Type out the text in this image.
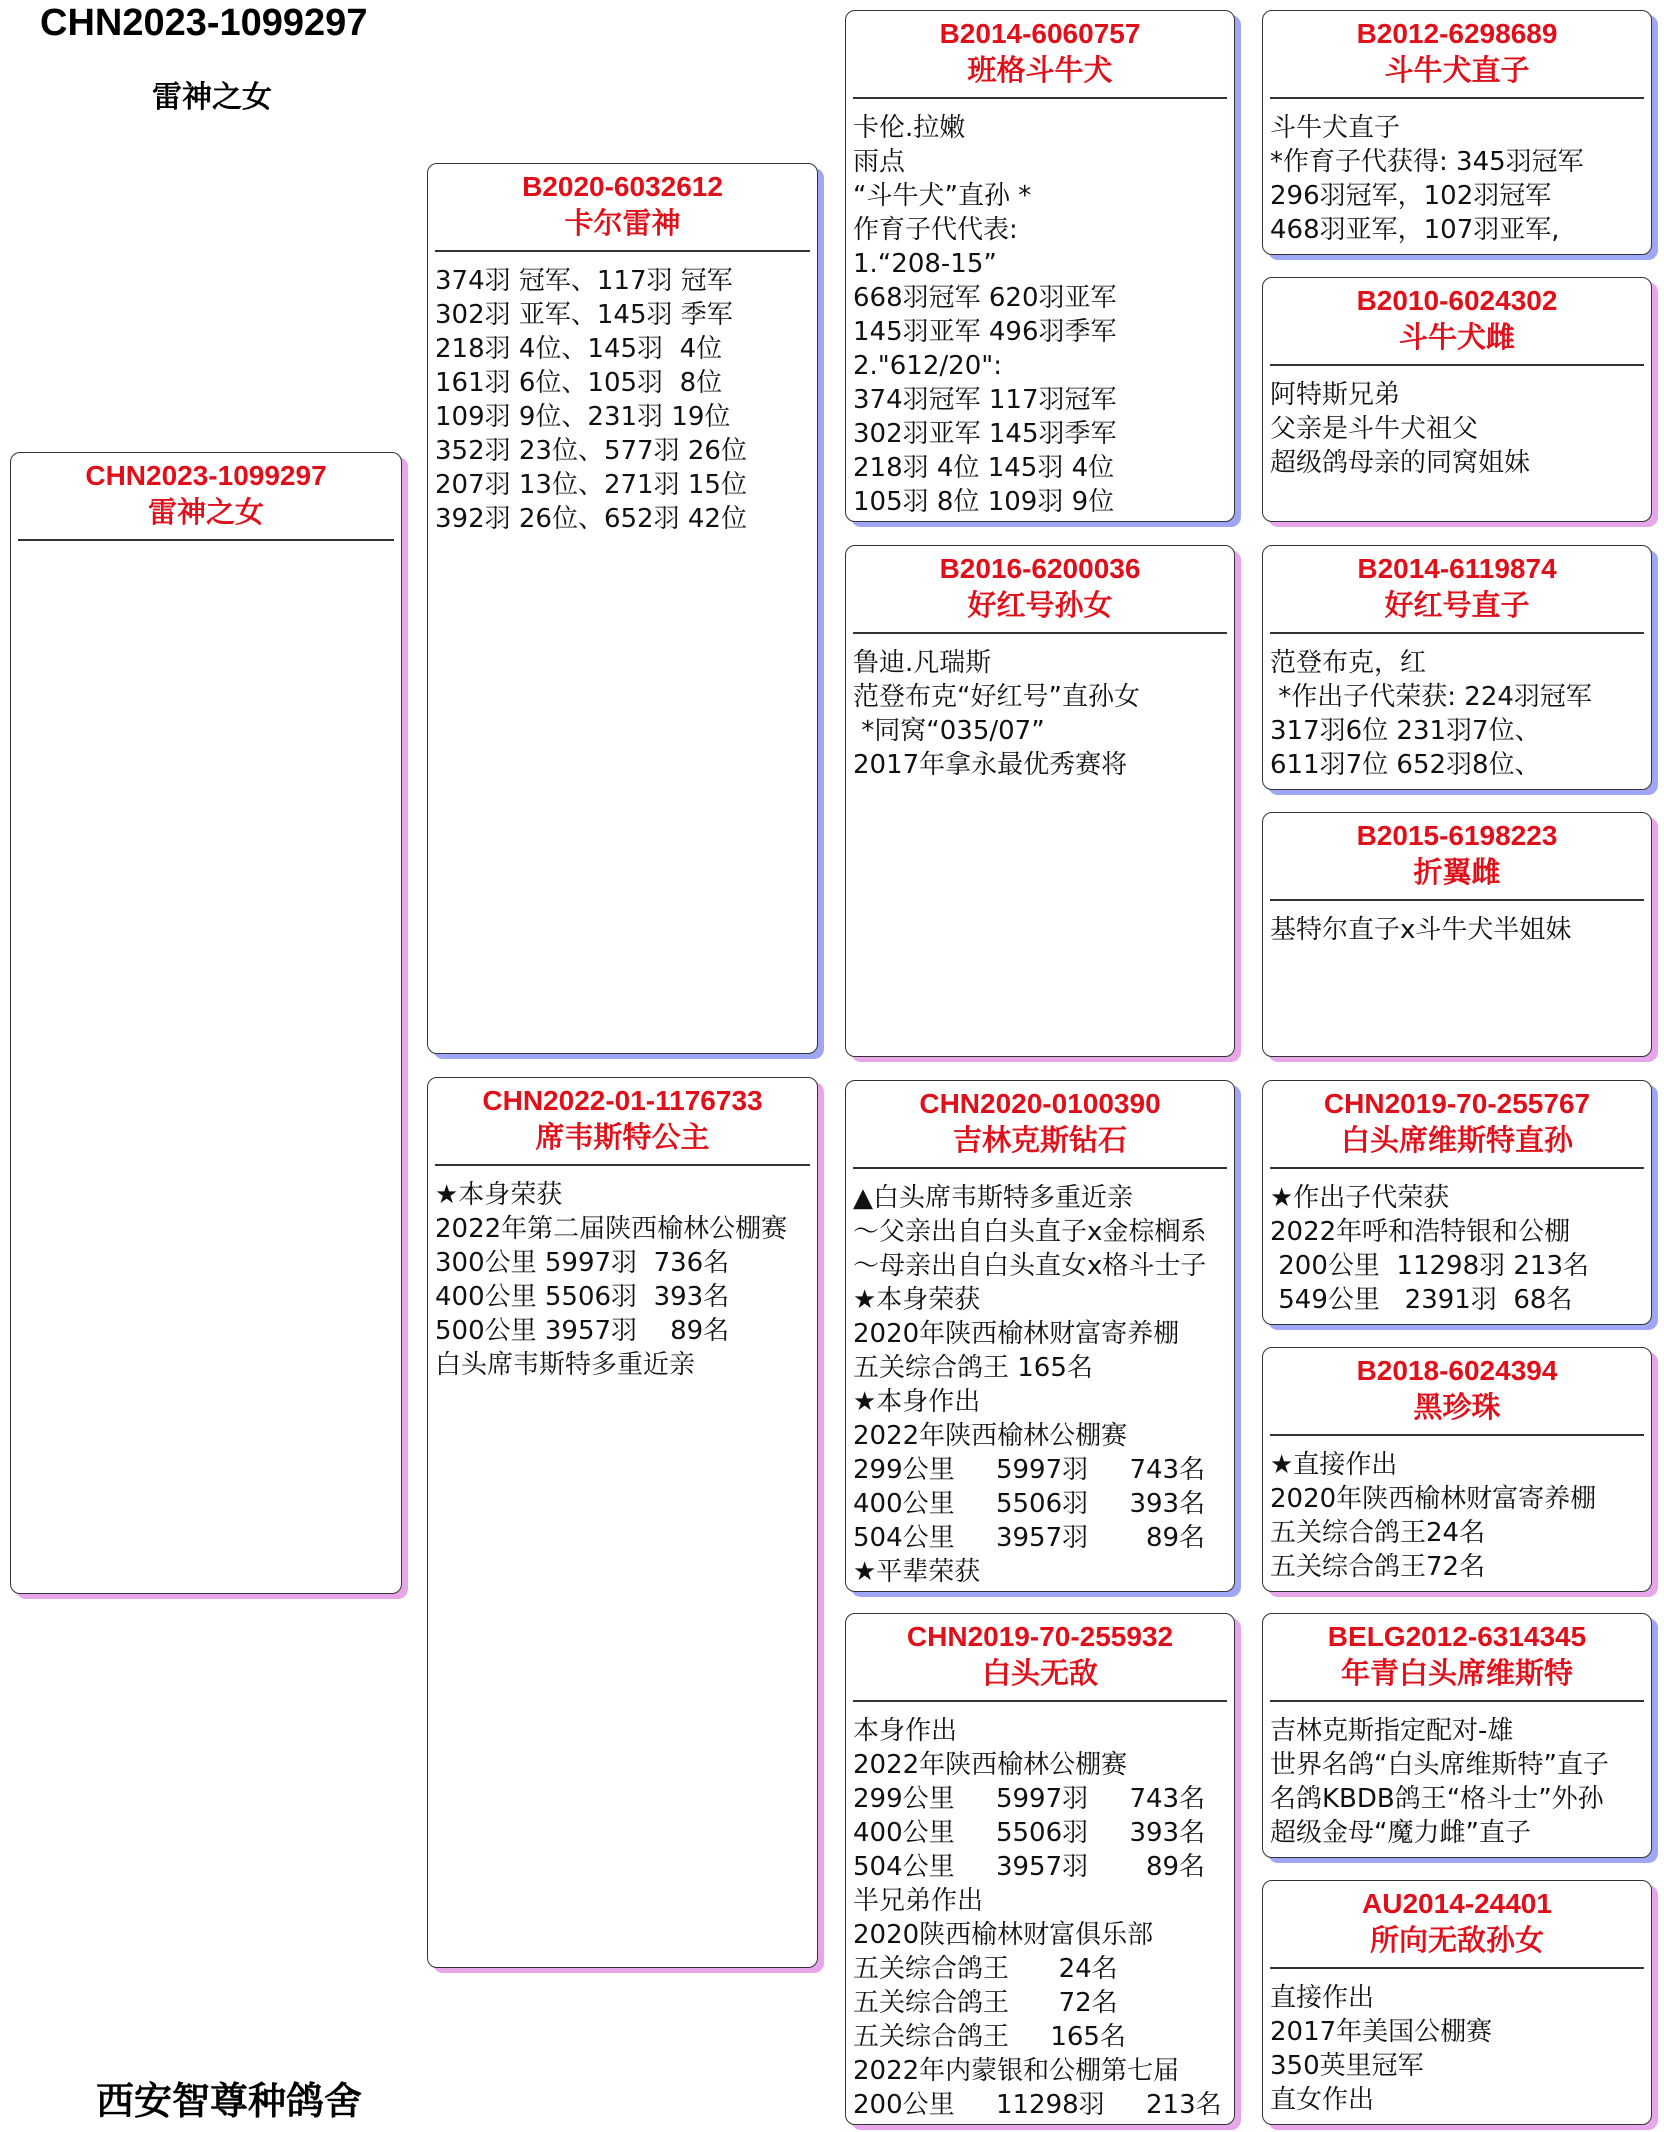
CHN2023-1099297
雷神之女
西安智尊种鸽舍
CHN2023-1099297
雷神之女
B2020-6032612
卡尔雷神
374羽 冠军、117羽 冠军
302羽 亚军、145羽 季军
218羽 4位、145羽  4位
161羽 6位、105羽  8位
109羽 9位、231羽 19位
352羽 23位、577羽 26位
207羽 13位、271羽 15位
392羽 26位、652羽 42位
CHN2022-01-1176733
席韦斯特公主
★本身荣获
2022年第二届陕西榆林公棚赛
300公里 5997羽  736名
400公里 5506羽  393名
500公里 3957羽    89名
白头席韦斯特多重近亲
B2014-6060757
班格斗牛犬
卡伦.拉嫩
雨点
“斗牛犬”直孙 *
作育子代代表:
1.“208-15”
668羽冠军 620羽亚军
145羽亚军 496羽季军
2."612/20":
374羽冠军 117羽冠军
302羽亚军 145羽季军
218羽 4位 145羽 4位
105羽 8位 109羽 9位
B2016-6200036
好红号孙女
鲁迪.凡瑞斯
范登布克“好红号”直孙女
*同窝“035/07”
2017年拿永最优秀赛将
CHN2020-0100390
吉林克斯钻石
▲白头席韦斯特多重近亲
～父亲出自白头直子x金棕榈系
～母亲出自白头直女x格斗士子
★本身荣获
2020年陕西榆林财富寄养棚
五关综合鸽王 165名
★本身作出
2022年陕西榆林公棚赛
299公里     5997羽     743名
400公里     5506羽     393名
504公里     3957羽       89名
★平辈荣获
CHN2019-70-255932
白头无敌
本身作出
2022年陕西榆林公棚赛
299公里     5997羽     743名
400公里     5506羽     393名
504公里     3957羽       89名
半兄弟作出
2020陕西榆林财富俱乐部
五关综合鸽王      24名
五关综合鸽王      72名
五关综合鸽王     165名
2022年内蒙银和公棚第七届
200公里     11298羽     213名
B2012-6298689
斗牛犬直子
斗牛犬直子
*作育子代获得: 345羽冠军
296羽冠军，102羽冠军
468羽亚军，107羽亚军,
B2010-6024302
斗牛犬雌
阿特斯兄弟
父亲是斗牛犬祖父
超级鸽母亲的同窝姐妹
B2014-6119874
好红号直子
范登布克，红
*作出子代荣获: 224羽冠军
317羽6位 231羽7位、
611羽7位 652羽8位、
B2015-6198223
折翼雌
基特尔直子x斗牛犬半姐妹
CHN2019-70-255767
白头席维斯特直孙
★作出子代荣获
2022年呼和浩特银和公棚
200公里  11298羽 213名
549公里   2391羽  68名
B2018-6024394
黑珍珠
★直接作出
2020年陕西榆林财富寄养棚
五关综合鸽王24名
五关综合鸽王72名
BELG2012-6314345
年青白头席维斯特
吉林克斯指定配对-雄
世界名鸽“白头席维斯特”直子
名鸽KBDB鸽王“格斗士”外孙
超级金母“魔力雌”直子
AU2014-24401
所向无敌孙女
直接作出
2017年美国公棚赛
350英里冠军
直女作出
